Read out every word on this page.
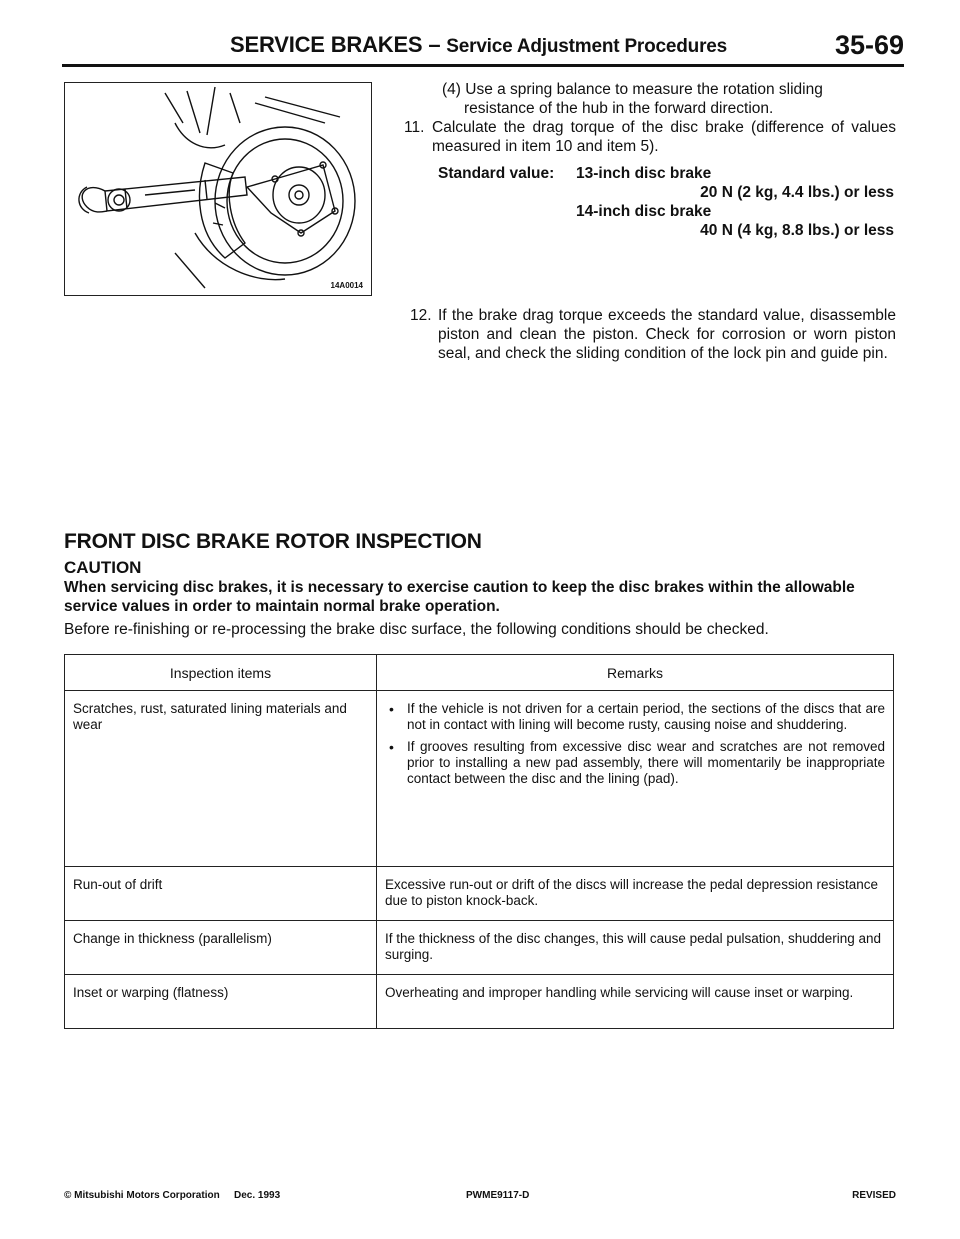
SERVICE BRAKES – Service Adjustment Procedures	35-69
14A0014
(4) Use a spring balance to measure the rotation sliding resistance of the hub in the forward direction.
11. Calculate the drag torque of the disc brake (difference of values measured in item 10 and item 5).
Standard value: 13-inch disc brake
20 N (2 kg, 4.4 lbs.) or less
14-inch disc brake
40 N (4 kg, 8.8 lbs.) or less
12. If the brake drag torque exceeds the standard value, disassemble piston and clean the piston. Check for corrosion or worn piston seal, and check the sliding condition of the lock pin and guide pin.
FRONT DISC BRAKE ROTOR INSPECTION
CAUTION
When servicing disc brakes, it is necessary to exercise caution to keep the disc brakes within the allowable service values in order to maintain normal brake operation.
Before re-finishing or re-processing the brake disc surface, the following conditions should be checked.
Inspection items	Remarks
Scratches, rust, saturated lining materials and wear	• If the vehicle is not driven for a certain period, the sections of the discs that are not in contact with lining will become rusty, causing noise and shuddering.
• If grooves resulting from excessive disc wear and scratches are not removed prior to installing a new pad assembly, there will momentarily be inappropriate contact between the disc and the lining (pad).

Run-out of drift	Excessive run-out or drift of the discs will increase the pedal depression resistance due to piston knock-back.
Change in thickness (parallelism)	If the thickness of the disc changes, this will cause pedal pulsation, shuddering and surging.
Inset or warping (flatness)	Overheating and improper handling while servicing will cause inset or warping.
© Mitsubishi Motors Corporation Dec. 1993	PWME9117-D	REVISED
